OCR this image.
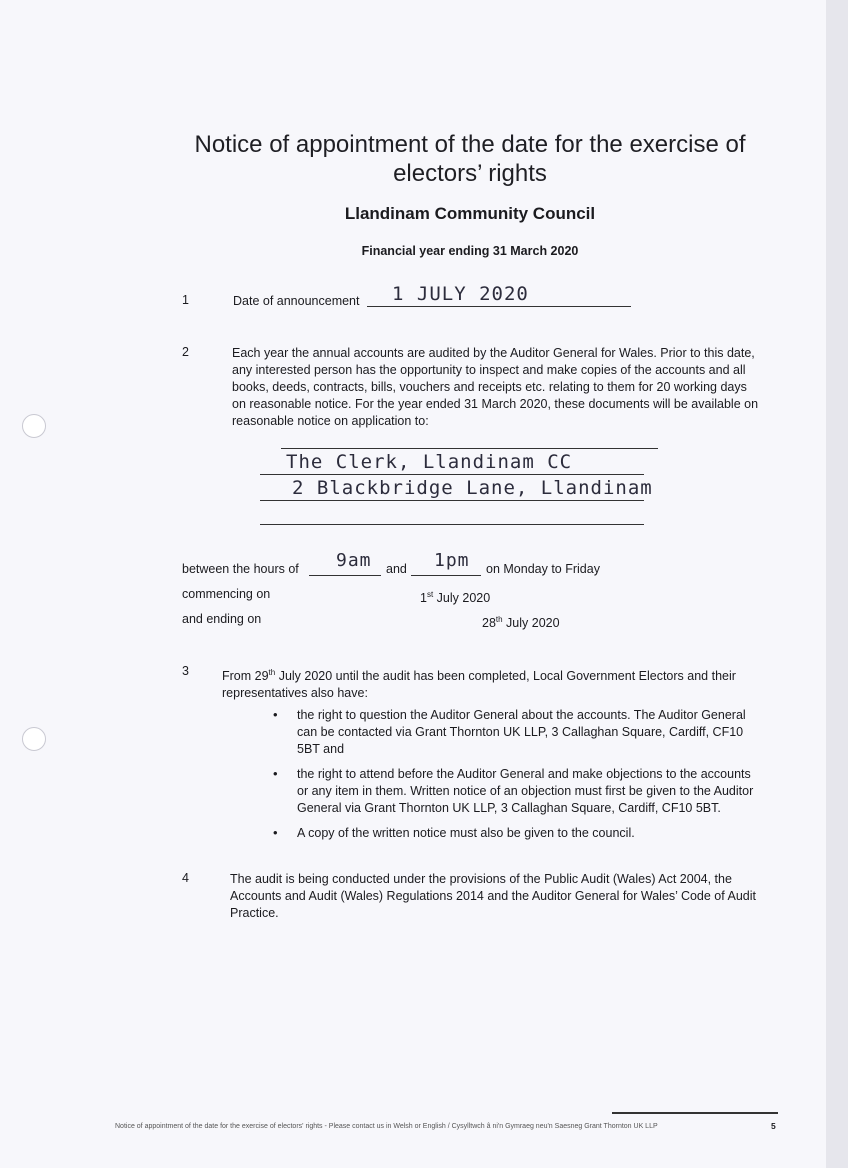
Notice of appointment of the date for the exercise of electors’ rights
Llandinam Community Council
Financial year ending 31 March 2020
1	Date of announcement 1 JULY 2020
2	Each year the annual accounts are audited by the Auditor General for Wales. Prior to this date, any interested person has the opportunity to inspect and make copies of the accounts and all books, deeds, contracts, bills, vouchers and receipts etc. relating to them for 20 working days on reasonable notice. For the year ended 31 March 2020, these documents will be available on reasonable notice on application to:
The Clerk, Llandinam CC
2 Blackbridge Lane, Llandinam
between the hours of 9am and 1pm on Monday to Friday
commencing on	1st July 2020
and ending on	28th July 2020
3	From 29th July 2020 until the audit has been completed, Local Government Electors and their representatives also have:
• the right to question the Auditor General about the accounts. The Auditor General can be contacted via Grant Thornton UK LLP, 3 Callaghan Square, Cardiff, CF10 5BT and
• the right to attend before the Auditor General and make objections to the accounts or any item in them. Written notice of an objection must first be given to the Auditor General via Grant Thornton UK LLP, 3 Callaghan Square, Cardiff, CF10 5BT.
• A copy of the written notice must also be given to the council.
4	The audit is being conducted under the provisions of the Public Audit (Wales) Act 2004, the Accounts and Audit (Wales) Regulations 2014 and the Auditor General for Wales’ Code of Audit Practice.
Notice of appointment of the date for the exercise of electors' rights - Please contact us in Welsh or English / Cysylltwch â ni'n Gymraeg neu'n Saesneg Grant Thornton UK LLP	5
